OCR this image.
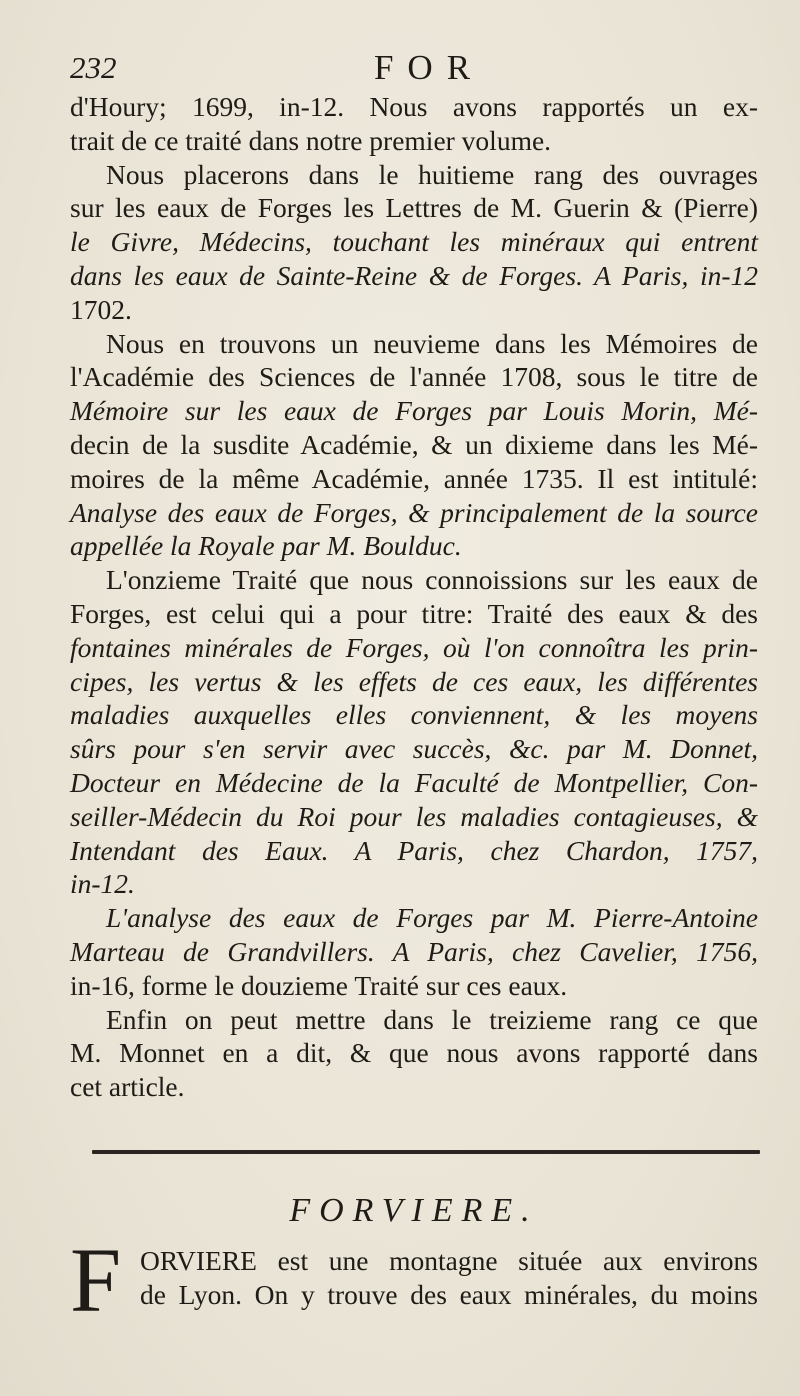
232	FOR

d'Houry; 1699, in-12. Nous avons rapportés un ex-
trait de ce traité dans notre premier volume.

Nous placerons dans le huitieme rang des ouvrages
sur les eaux de Forges les Lettres de M. Guerin & (Pierre)
le Givre, Médecins, touchant les minéraux qui entrent
dans les eaux de Sainte-Reine & de Forges. A Paris, in-12
1702.

Nous en trouvons un neuvieme dans les Mémoires de
l'Académie des Sciences de l'année 1708, sous le titre de
Mémoire sur les eaux de Forges par Louis Morin, Mé-
decin de la susdite Académie, & un dixieme dans les Mé-
moires de la même Académie, année 1735. Il est intitulé:
Analyse des eaux de Forges, & principalement de la source
appellée la Royale par M. Boulduc.

L'onzieme Traité que nous connoissions sur les eaux de
Forges, est celui qui a pour titre: Traité des eaux & des
fontaines minérales de Forges, où l'on connoîtra les prin-
cipes, les vertus & les effets de ces eaux, les différentes
maladies auxquelles elles conviennent, & les moyens
sûrs pour s'en servir avec succès, &c. par M. Donnet,
Docteur en Médecine de la Faculté de Montpellier, Con-
seiller-Médecin du Roi pour les maladies contagieuses, &
Intendant des Eaux. A Paris, chez Chardon, 1757,
in-12.

L'analyse des eaux de Forges par M. Pierre-Antoine
Marteau de Grandvillers. A Paris, chez Cavelier, 1756,
in-16, forme le douzieme Traité sur ces eaux.

Enfin on peut mettre dans le treizieme rang ce que
M. Monnet en a dit, & que nous avons rapporté dans
cet article.

FORVIERE.
F ORVIERE est une montagne située aux environs
de Lyon. On y trouve des eaux minérales, du moins
